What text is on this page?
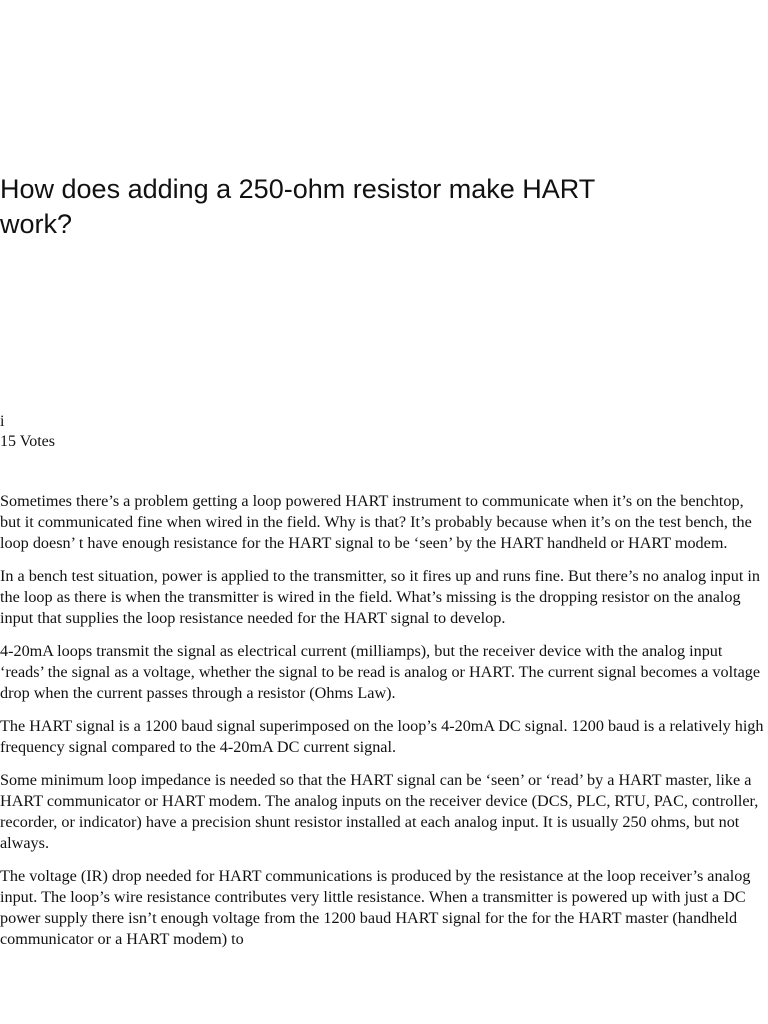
How does adding a 250-ohm resistor make HART work?
i
15 Votes

Sometimes there’s a problem getting a loop powered HART instrument to communicate when it’s on the benchtop, but it communicated fine when wired in the field. Why is that? It’s probably because when it’s on the test bench, the loop doesn’ t have enough resistance for the HART signal to be ‘seen’ by the HART handheld or HART modem.

In a bench test situation, power is applied to the transmitter, so it fires up and runs fine. But there’s no analog input in the loop as there is when the transmitter is wired in the field. What’s missing is the dropping resistor on the analog input that supplies the loop resistance needed for the HART signal to develop.

4-20mA loops transmit the signal as electrical current (milliamps), but the receiver device with the analog input ‘reads’ the signal as a voltage, whether the signal to be read is analog or HART. The current signal becomes a voltage drop when the current passes through a resistor (Ohms Law).

The HART signal is a 1200 baud signal superimposed on the loop’s 4-20mA DC signal. 1200 baud is a relatively high frequency signal compared to the 4-20mA DC current signal.

Some minimum loop impedance is needed so that the HART signal can be ‘seen’ or ‘read’ by a HART master, like a HART communicator or HART modem. The analog inputs on the receiver device (DCS, PLC, RTU, PAC, controller, recorder, or indicator) have a precision shunt resistor installed at each analog input. It is usually 250 ohms, but not always.

The voltage (IR) drop needed for HART communications is produced by the resistance at the loop receiver’s analog input. The loop’s wire resistance contributes very little resistance. When a transmitter is powered up with just a DC power supply there isn’t enough voltage from the 1200 baud HART signal for the for the HART master (handheld communicator or a HART modem) to
